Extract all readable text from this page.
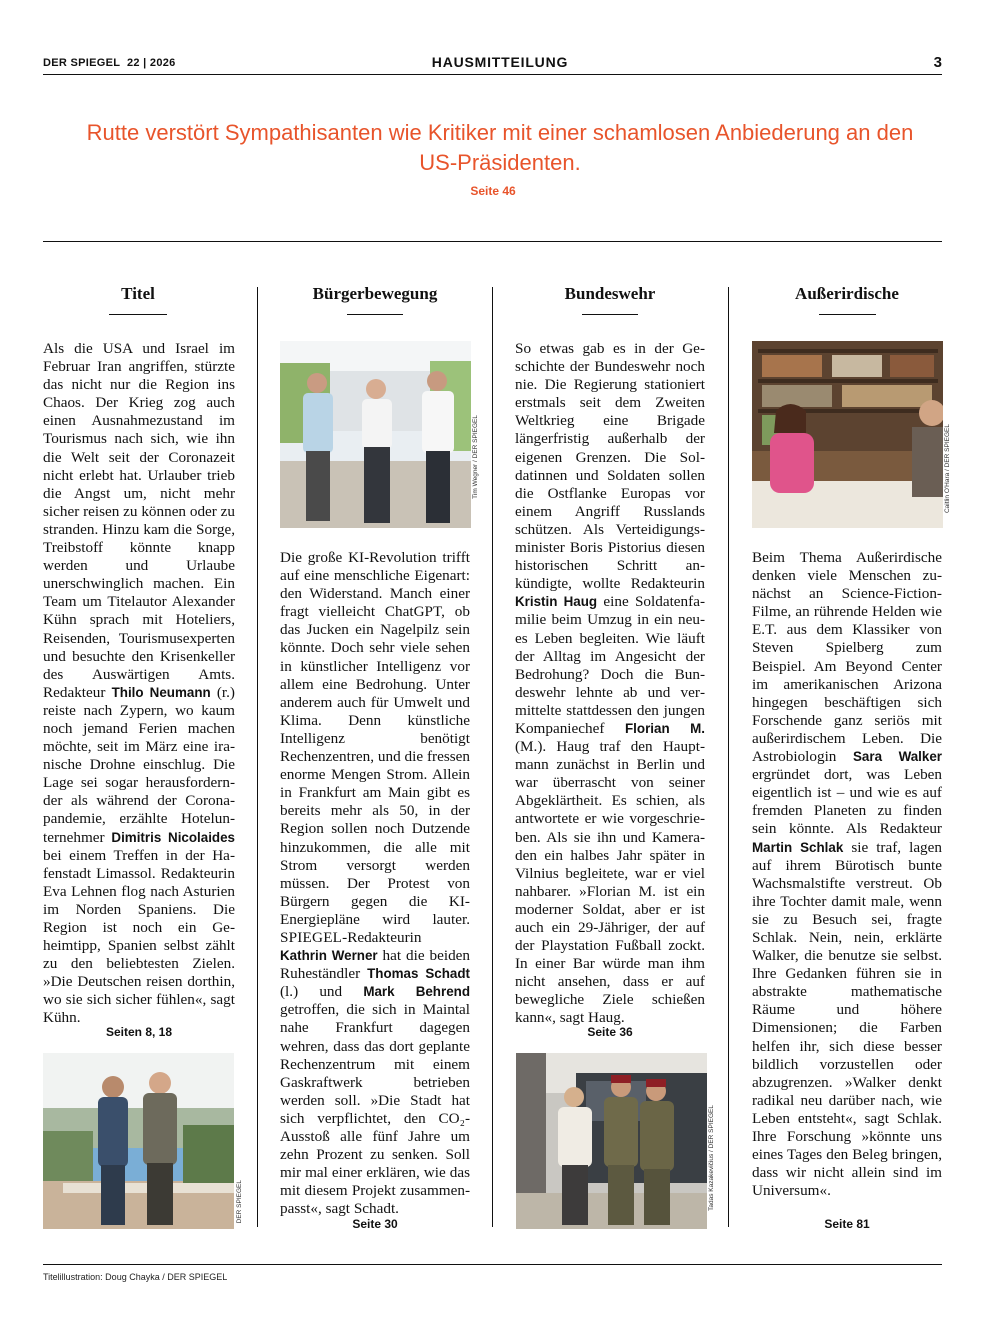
DER SPIEGEL 22 | 2026	HAUSMITTEILUNG	3
Rutte verstört Sympathisanten wie Kritiker mit einer schamlosen Anbiederung an den US-Präsidenten.
Seite 46
Titel
Als die USA und Israel im Februar Iran angriffen, stürzte das nicht nur die Region ins Chaos. Der Krieg zog auch einen Ausnahmezustand im Tourismus nach sich, wie ihn die Welt seit der Coronazeit nicht erlebt hat. Urlauber trieb die Angst um, nicht mehr sicher reisen zu können oder zu stranden. Hinzu kam die Sorge, Treibstoff könnte knapp werden und Urlaube unerschwinglich machen. Ein Team um Titelautor Alexander Kühn sprach mit Hoteliers, Reisenden, Tourismusexperten und besuchte den Krisenkeller des Auswärtigen Amts. Redakteur Thilo Neumann (r.) reiste nach Zypern, wo kaum noch jemand Ferien machen möchte, seit im März eine iranische Drohne einschlug. Die Lage sei sogar herausfordernder als während der Coronapandemie, erzählte Hotelunternehmer Dimitris Nicolaides bei einem Treffen in der Hafenstadt Limassol. Redakteurin Eva Lehnen flog nach Asturien im Norden Spaniens. Die Region ist noch ein Geheimtipp, Spanien selbst zählt zu den beliebtesten Zielen. »Die Deutschen reisen dorthin, wo sie sich sicher fühlen«, sagt Kühn.
Seiten 8, 18
DER SPIEGEL
Bürgerbewegung
Tim Wegner / DER SPIEGEL
Die große KI-Revolution trifft auf eine menschliche Eigenart: den Widerstand. Manch einer fragt vielleicht ChatGPT, ob das Jucken ein Nagelpilz sein könnte. Doch sehr viele sehen in künstlicher Intelligenz vor allem eine Bedrohung. Unter anderem auch für Umwelt und Klima. Denn künstliche Intelligenz benötigt Rechenzentren, und die fressen enorme Mengen Strom. Allein in Frankfurt am Main gibt es bereits mehr als 50, in der Region sollen noch Dutzende hinzukommen, die alle mit Strom versorgt werden müssen. Der Protest von Bürgern gegen die KI-Energiepläne wird lauter. SPIEGEL-Redakteurin Kathrin Werner hat die beiden Ruheständler Thomas Schadt (l.) und Mark Behrend getroffen, die sich in Maintal nahe Frankfurt dagegen wehren, dass das dort geplante Rechenzentrum mit einem Gaskraftwerk betrieben werden soll. »Die Stadt hat sich verpflichtet, den CO₂-Ausstoß alle fünf Jahre um zehn Prozent zu senken. Soll mir mal einer erklären, wie das mit diesem Projekt zusammenpasst«, sagt Schadt.
Seite 30
Bundeswehr
So etwas gab es in der Geschichte der Bundeswehr noch nie. Die Regierung stationiert erstmals seit dem Zweiten Weltkrieg eine Brigade längerfristig außerhalb der eigenen Grenzen. Die Soldatinnen und Soldaten sollen die Ostflanke Europas vor einem Angriff Russlands schützen. Als Verteidigungsminister Boris Pistorius diesen historischen Schritt ankündigte, wollte Redakteurin Kristin Haug eine Soldatenfamilie beim Umzug in ein neues Leben begleiten. Wie läuft der Alltag im Angesicht der Bedrohung? Doch die Bundeswehr lehnte ab und vermittelte stattdessen den jungen Kompaniechef Florian M. (M.). Haug traf den Hauptmann zunächst in Berlin und war überrascht von seiner Abgeklärtheit. Es schien, als antwortete er wie vorgeschrieben. Als sie ihn und Kameraden ein halbes Jahr später in Vilnius begleitete, war er viel nahbarer. »Florian M. ist ein moderner Soldat, aber er ist auch ein 29-Jähriger, der auf der Playstation Fußball zockt. In einer Bar würde man ihm nicht ansehen, dass er auf bewegliche Ziele schießen kann«, sagt Haug.
Seite 36
Tadas Kazakevičius / DER SPIEGEL
Außerirdische
Caitlin O'Hara / DER SPIEGEL
Beim Thema Außerirdische denken viele Menschen zunächst an Science-Fiction-Filme, an rührende Helden wie E.T. aus dem Klassiker von Steven Spielberg zum Beispiel. Am Beyond Center im amerikanischen Arizona hingegen beschäftigen sich Forschende ganz seriös mit außerirdischem Leben. Die Astrobiologin Sara Walker ergründet dort, was Leben eigentlich ist – und wie es auf fremden Planeten zu finden sein könnte. Als Redakteur Martin Schlak sie traf, lagen auf ihrem Bürotisch bunte Wachsmalstifte verstreut. Ob ihre Tochter damit male, wenn sie zu Besuch sei, fragte Schlak. Nein, nein, erklärte Walker, die benutze sie selbst. Ihre Gedanken führen sie in abstrakte mathematische Räume und höhere Dimensionen; die Farben helfen ihr, sich diese besser bildlich vorzustellen oder abzugrenzen. »Walker denkt radikal neu darüber nach, wie Leben entsteht«, sagt Schlak. Ihre Forschung »könnte uns eines Tages den Beleg bringen, dass wir nicht allein sind im Universum«.
Seite 81
Titelillustration: Doug Chayka / DER SPIEGEL
